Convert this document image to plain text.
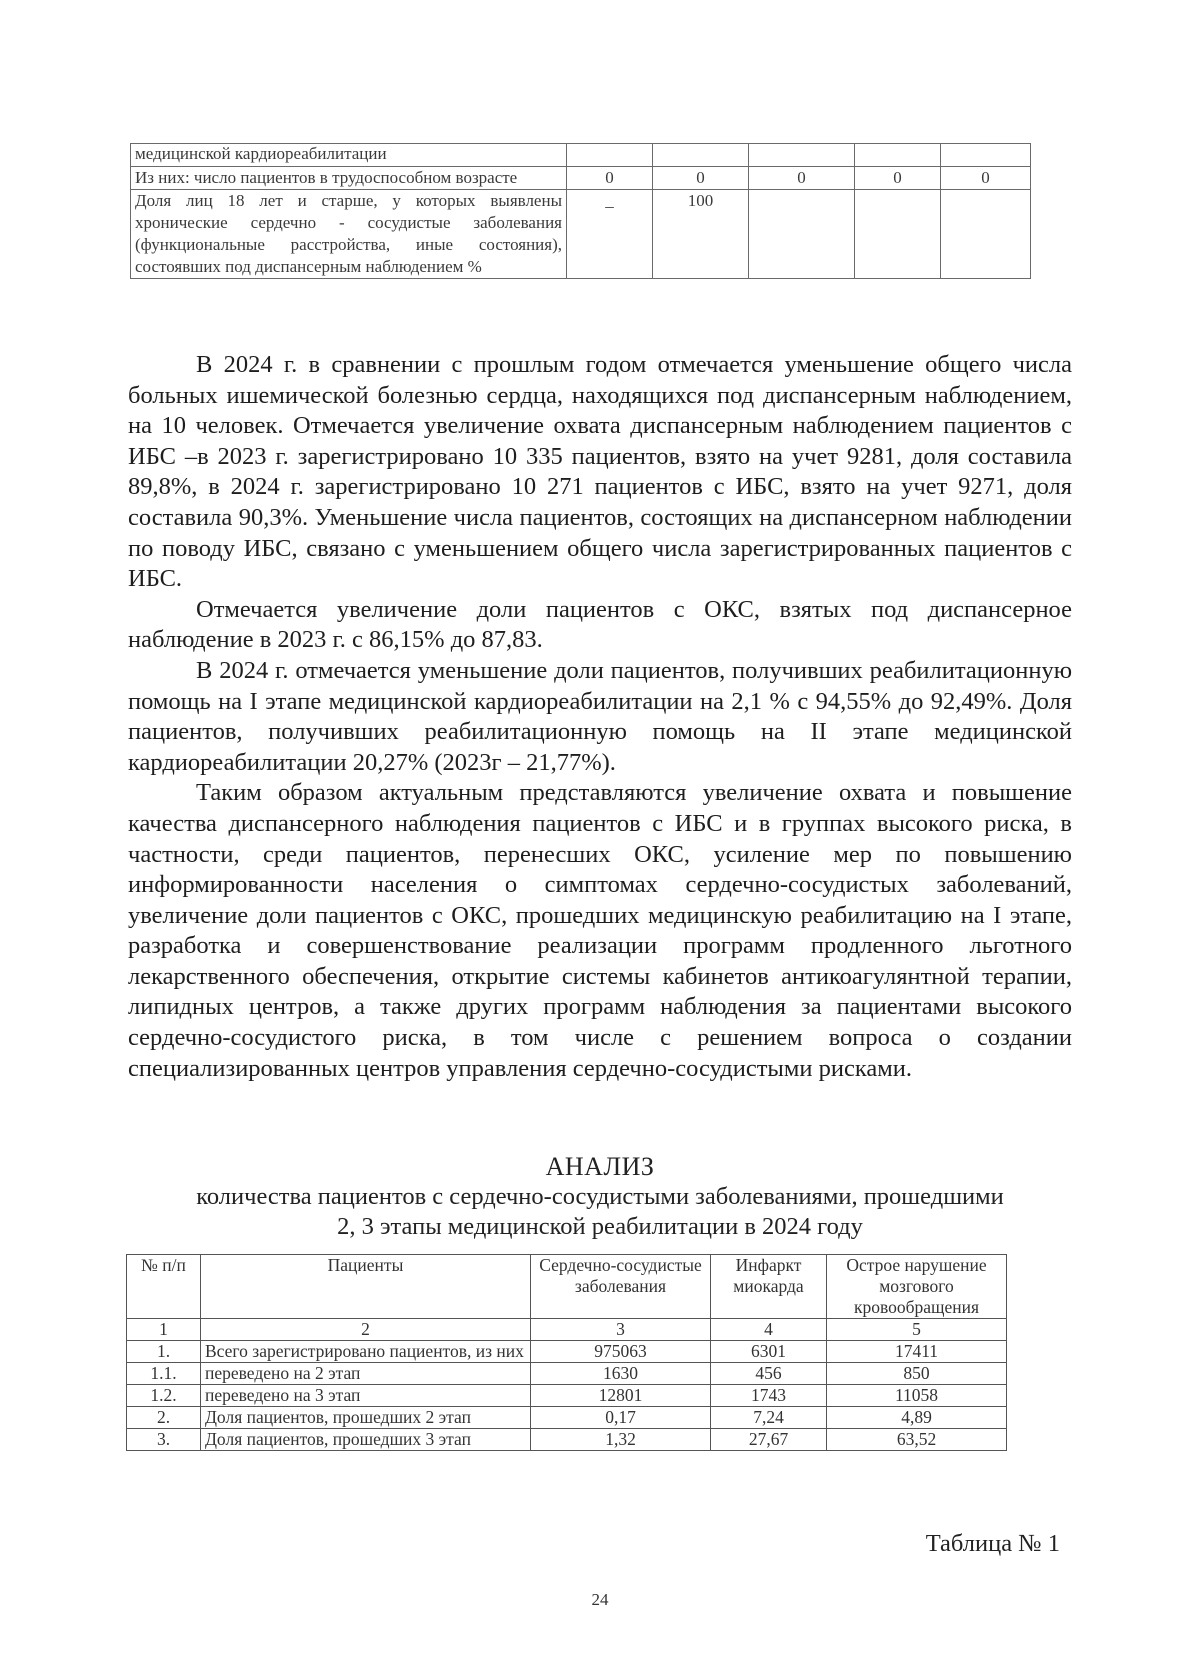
медицинской кардиореабилитации					
Из них: число пациентов в трудоспособном возрасте	0	0	0	0	0
Доля лиц 18 лет и старше, у которых выявлены хронические сердечно - сосудистые заболевания (функциональные расстройства, иные состояния), состоявших под диспансерным наблюдением %	_	100			

В 2024 г. в сравнении с прошлым годом отмечается уменьшение общего числа больных ишемической болезнью сердца, находящихся под диспансерным наблюдением, на 10 человек. Отмечается увеличение охвата диспансерным наблюдением пациентов с ИБС –в 2023 г. зарегистрировано 10 335 пациентов, взято на учет 9281, доля составила 89,8%, в 2024 г. зарегистрировано 10 271 пациентов с ИБС, взято на учет 9271, доля составила 90,3%. Уменьшение числа пациентов, состоящих на диспансерном наблюдении по поводу ИБС, связано с уменьшением общего числа зарегистрированных пациентов с ИБС.

Отмечается увеличение доли пациентов с ОКС, взятых под диспансерное наблюдение в 2023 г. с 86,15% до 87,83.

В 2024 г. отмечается уменьшение доли пациентов, получивших реабилитационную помощь на I этапе медицинской кардиореабилитации на 2,1 % с 94,55% до 92,49%. Доля пациентов, получивших реабилитационную помощь на II этапе медицинской кардиореабилитации 20,27% (2023г – 21,77%).

Таким образом актуальным представляются увеличение охвата и повышение качества диспансерного наблюдения пациентов с ИБС и в группах высокого риска, в частности, среди пациентов, перенесших ОКС, усиление мер по повышению информированности населения о симптомах сердечно-сосудистых заболеваний, увеличение доли пациентов с ОКС, прошедших медицинскую реабилитацию на I этапе, разработка и совершенствование реализации программ продленного льготного лекарственного обеспечения, открытие системы кабинетов антикоагулянтной терапии, липидных центров, а также других программ наблюдения за пациентами высокого сердечно-сосудистого риска, в том числе с решением вопроса о создании специализированных центров управления сердечно-сосудистыми рисками.

АНАЛИЗ
количества пациентов с сердечно-сосудистыми заболеваниями, прошедшими
2, 3 этапы медицинской реабилитации в 2024 году
№ п/п	Пациенты	Сердечно-сосудистые заболевания	Инфаркт миокарда	Острое нарушение мозгового кровообращения
1	2	3	4	5
1.	Всего зарегистрировано пациентов, из них	975063	6301	17411
1.1.	переведено на 2 этап	1630	456	850
1.2.	переведено на 3 этап	12801	1743	11058
2.	Доля пациентов, прошедших 2 этап	0,17	7,24	4,89
3.	Доля пациентов, прошедших 3 этап	1,32	27,67	63,52
Таблица № 1
24
